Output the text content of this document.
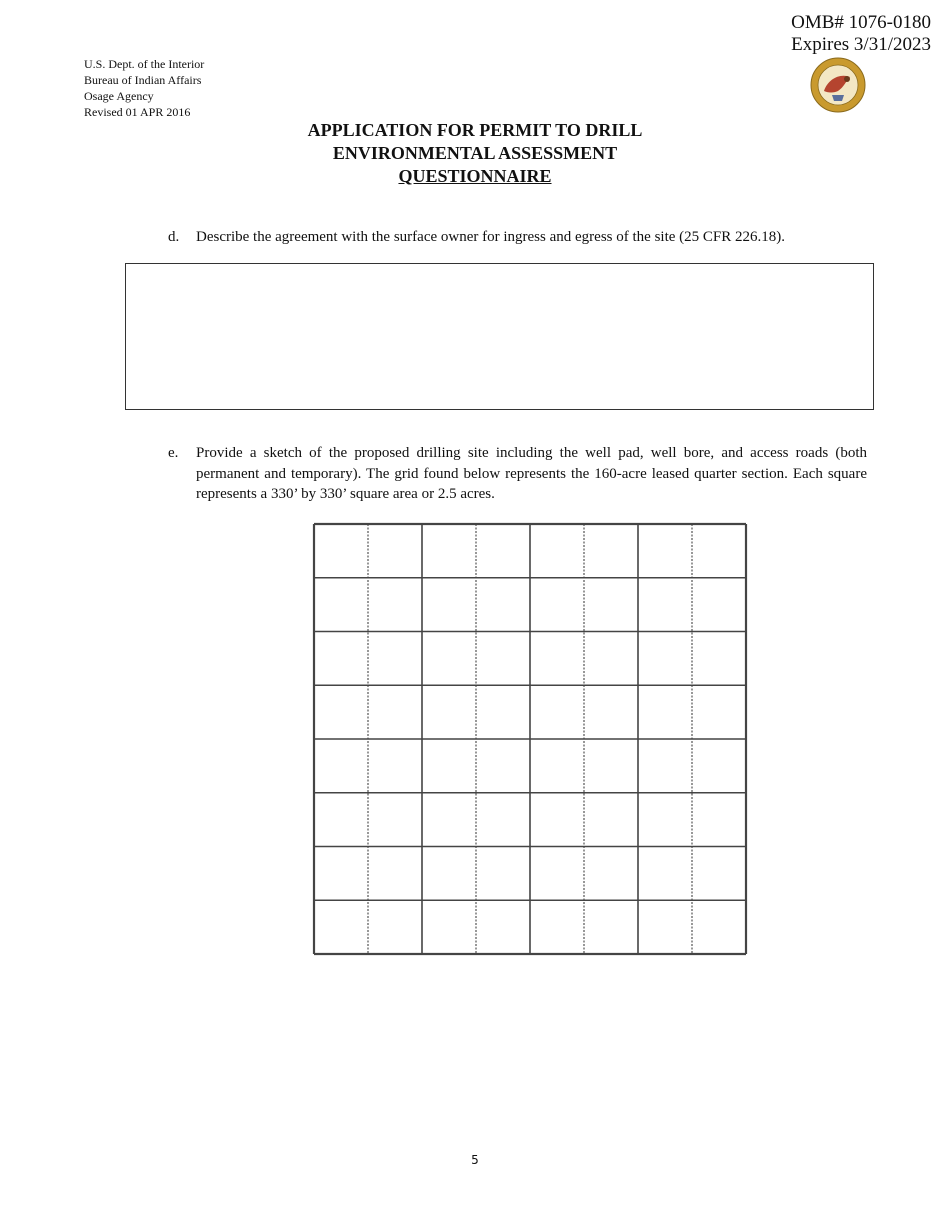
OMB# 1076-0180
Expires 3/31/2023
U.S. Dept. of the Interior
Bureau of Indian Affairs
Osage Agency
Revised 01 APR 2016
APPLICATION FOR PERMIT TO DRILL
ENVIRONMENTAL ASSESSMENT
QUESTIONNAIRE
d. Describe the agreement with the surface owner for ingress and egress of the site (25 CFR 226.18).
e. Provide a sketch of the proposed drilling site including the well pad, well bore, and access roads (both permanent and temporary). The grid found below represents the 160-acre leased quarter section. Each square represents a 330’ by 330’ square area or 2.5 acres.
5
